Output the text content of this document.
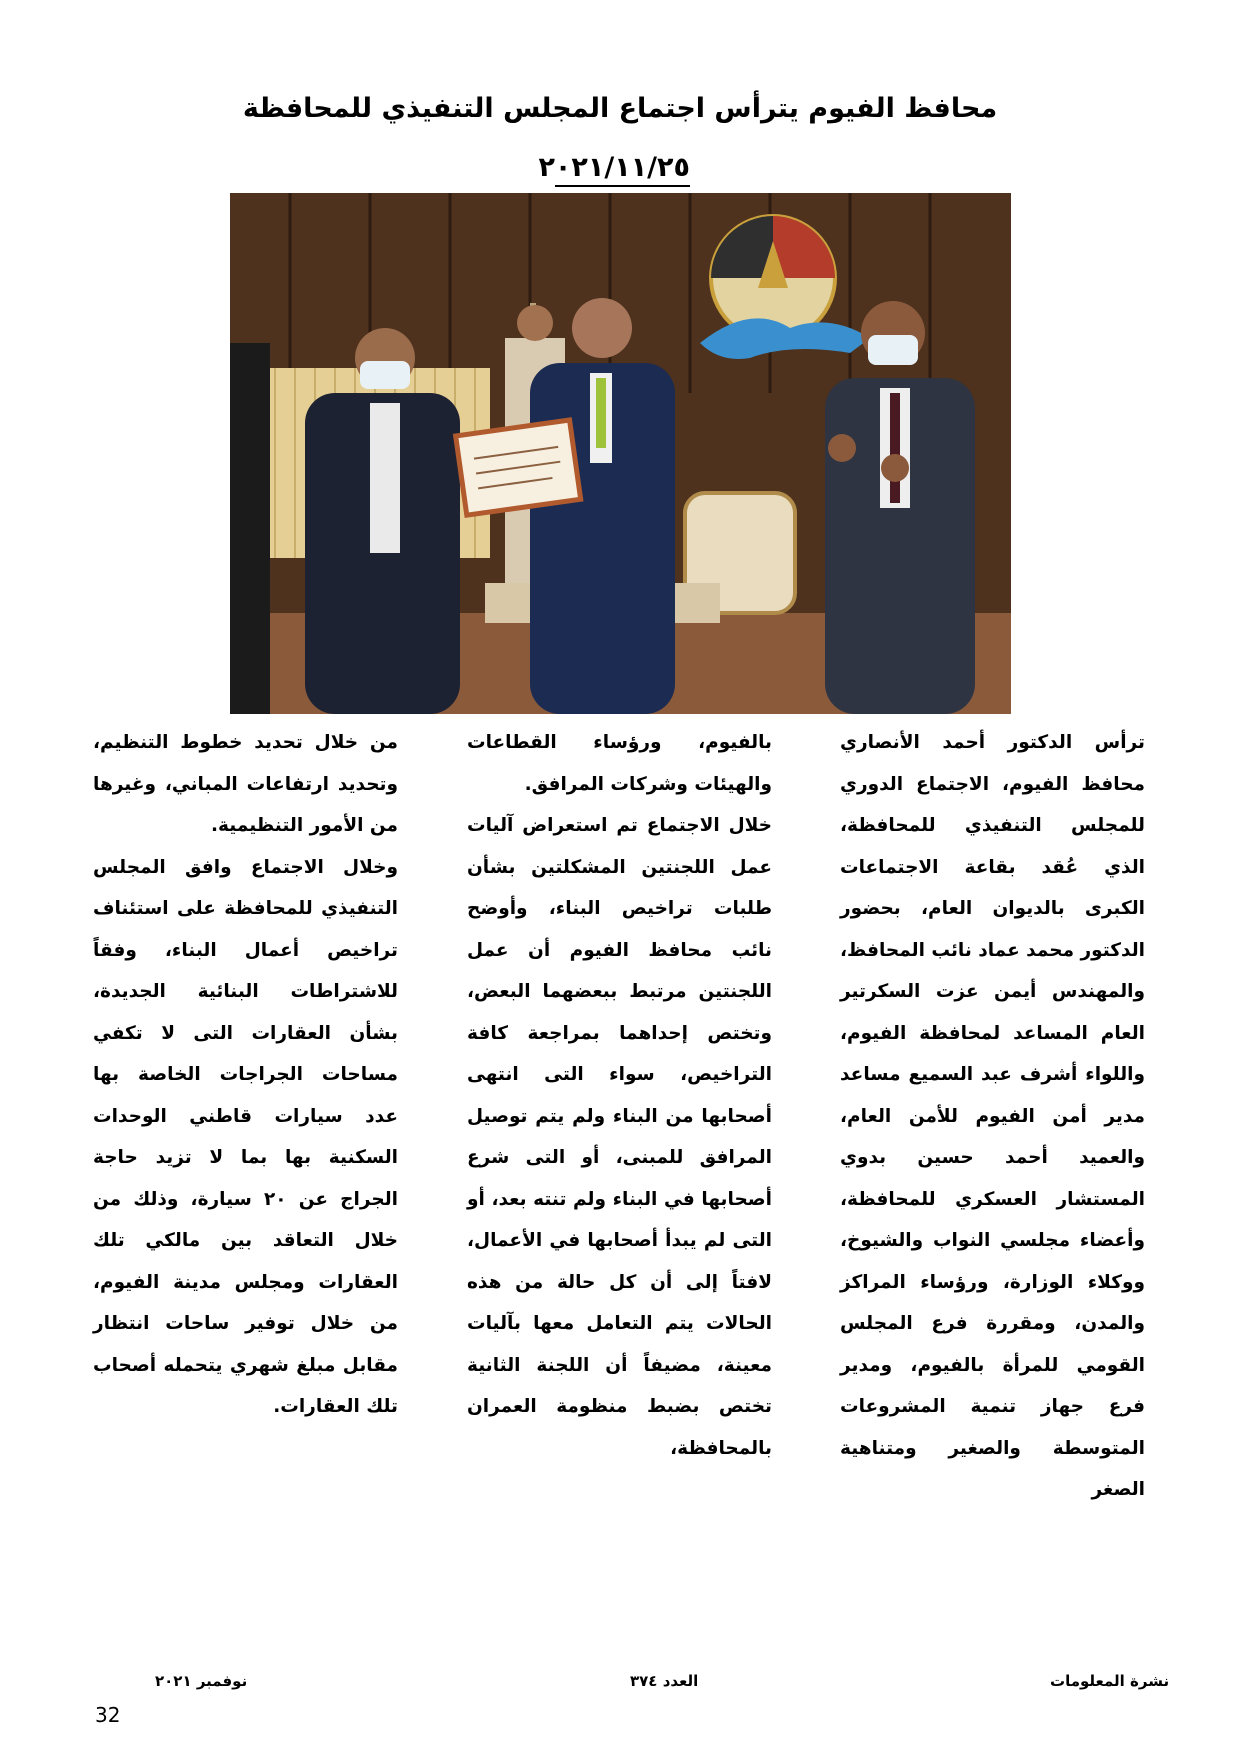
محافظ الفيوم يترأس اجتماع المجلس التنفيذي للمحافظة
٢٠٢١/١١/٢٥

ترأس الدكتور أحمد الأنصاري محافظ الفيوم، الاجتماع الدوري للمجلس التنفيذي للمحافظة، الذي عُقد بقاعة الاجتماعات الكبرى بالديوان العام، بحضور الدكتور محمد عماد نائب المحافظ، والمهندس أيمن عزت السكرتير العام المساعد لمحافظة الفيوم، واللواء أشرف عبد السميع مساعد مدير أمن الفيوم للأمن العام، والعميد أحمد حسين بدوي المستشار العسكري للمحافظة، وأعضاء مجلسي النواب والشيوخ، ووكلاء الوزارة، ورؤساء المراكز والمدن، ومقررة فرع المجلس القومي للمرأة بالفيوم، ومدير فرع جهاز تنمية المشروعات المتوسطة والصغير ومتناهية الصغر

بالفيوم، ورؤساء القطاعات والهيئات وشركات المرافق.

خلال الاجتماع تم استعراض آليات عمل اللجنتين المشكلتين بشأن طلبات تراخيص البناء، وأوضح نائب محافظ الفيوم أن عمل اللجنتين مرتبط ببعضهما البعض، وتختص إحداهما بمراجعة كافة التراخيص، سواء التى انتهى أصحابها من البناء ولم يتم توصيل المرافق للمبنى، أو التى شرع أصحابها في البناء ولم تنته بعد، أو التى لم يبدأ أصحابها في الأعمال، لافتاً إلى أن كل حالة من هذه الحالات يتم التعامل معها بآليات معينة، مضيفاً أن اللجنة الثانية تختص بضبط منظومة العمران بالمحافظة،

من خلال تحديد خطوط التنظيم، وتحديد ارتفاعات المباني، وغيرها من الأمور التنظيمية.

وخلال الاجتماع وافق المجلس التنفيذي للمحافظة على استئناف تراخيص أعمال البناء، وفقاً للاشتراطات البنائية الجديدة، بشأن العقارات التى لا تكفي مساحات الجراجات الخاصة بها عدد سيارات قاطني الوحدات السكنية بها بما لا تزيد حاجة الجراج عن ٢٠ سيارة، وذلك من خلال التعاقد بين مالكي تلك العقارات ومجلس مدينة الفيوم، من خلال توفير ساحات انتظار مقابل مبلغ شهري يتحمله أصحاب تلك العقارات.

نشرة المعلومات
العدد ٣٧٤
نوفمبر ٢٠٢١
32
